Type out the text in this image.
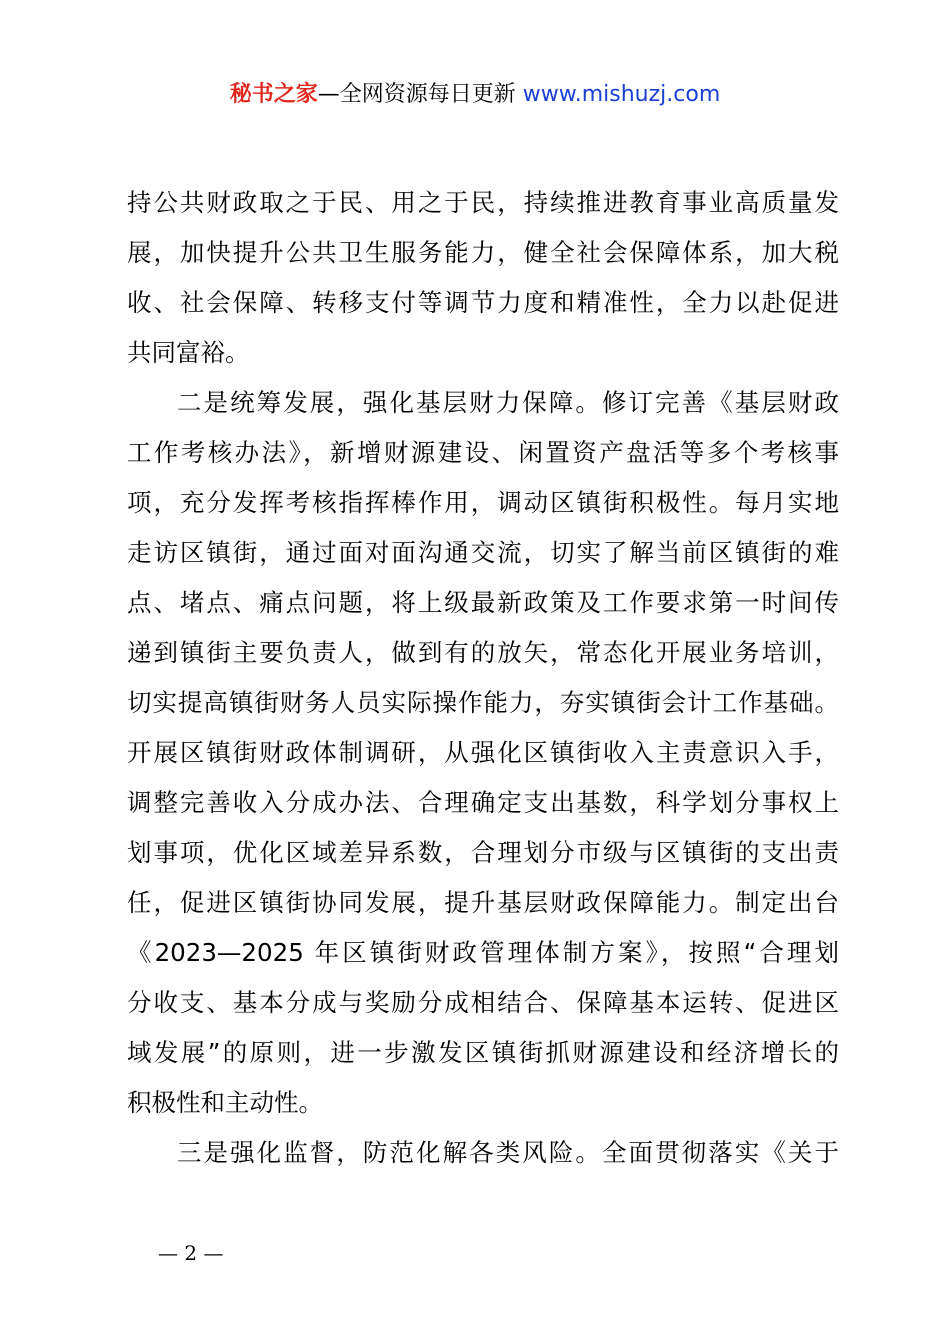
秘书之家—全网资源每日更新 www.mishuzj.com
持公共财政取之于民、用之于民，持续推进教育事业高质量发
展，加快提升公共卫生服务能力，健全社会保障体系，加大税
收、社会保障、转移支付等调节力度和精准性，全力以赴促进
共同富裕。
二是统筹发展，强化基层财力保障。修订完善《基层财政
工作考核办法》，新增财源建设、闲置资产盘活等多个考核事
项，充分发挥考核指挥棒作用，调动区镇街积极性。每月实地
走访区镇街，通过面对面沟通交流，切实了解当前区镇街的难
点、堵点、痛点问题，将上级最新政策及工作要求第一时间传
递到镇街主要负责人，做到有的放矢，常态化开展业务培训，
切实提高镇街财务人员实际操作能力，夯实镇街会计工作基础。
开展区镇街财政体制调研，从强化区镇街收入主责意识入手，
调整完善收入分成办法、合理确定支出基数，科学划分事权上
划事项，优化区域差异系数，合理划分市级与区镇街的支出责
任，促进区镇街协同发展，提升基层财政保障能力。制定出台
《2023—2025 年区镇街财政管理体制方案》，按照“合理划
分收支、基本分成与奖励分成相结合、保障基本运转、促进区
域发展”的原则，进一步激发区镇街抓财源建设和经济增长的
积极性和主动性。
三是强化监督，防范化解各类风险。全面贯彻落实《关于
— 2 —
